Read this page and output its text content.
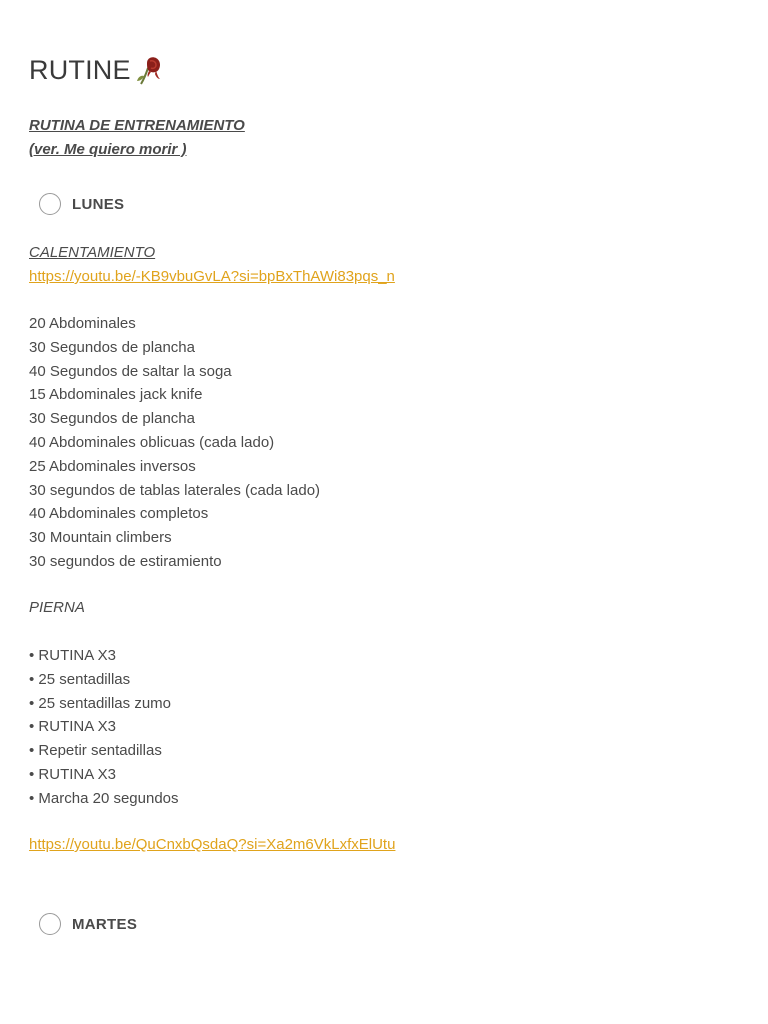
RUTINE
RUTINA DE ENTRENAMIENTO
(ver. Me quiero morir )
LUNES
CALENTAMIENTO
https://youtu.be/-KB9vbuGvLA?si=bpBxThAWi83pqs_n
20 Abdominales
30 Segundos de plancha
40 Segundos de saltar la soga
15 Abdominales jack knife
30 Segundos de plancha
40 Abdominales oblicuas (cada lado)
25 Abdominales inversos
30 segundos de tablas laterales (cada lado)
40 Abdominales completos
30 Mountain climbers
30 segundos de estiramiento
PIERNA
• RUTINA X3
• 25 sentadillas
• 25 sentadillas zumo
• RUTINA X3
• Repetir sentadillas
• RUTINA X3
• Marcha 20 segundos
https://youtu.be/QuCnxbQsdaQ?si=Xa2m6VkLxfxElUtu
MARTES
